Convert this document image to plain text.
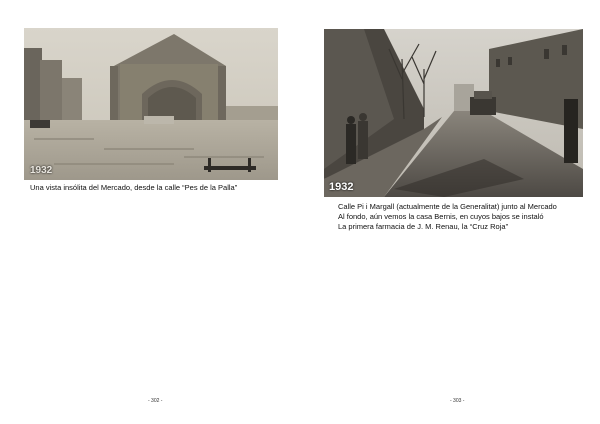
1932
Una vista insólita del Mercado, desde la calle “Pes de la Palla”
- 302 -
1932
Calle Pi i Margall (actualmente de la Generalitat) junto al Mercado
Al fondo, aún vemos la casa Bernis, en cuyos bajos se instaló
La primera farmacia de J. M. Renau, la “Cruz Roja”
- 303 -
